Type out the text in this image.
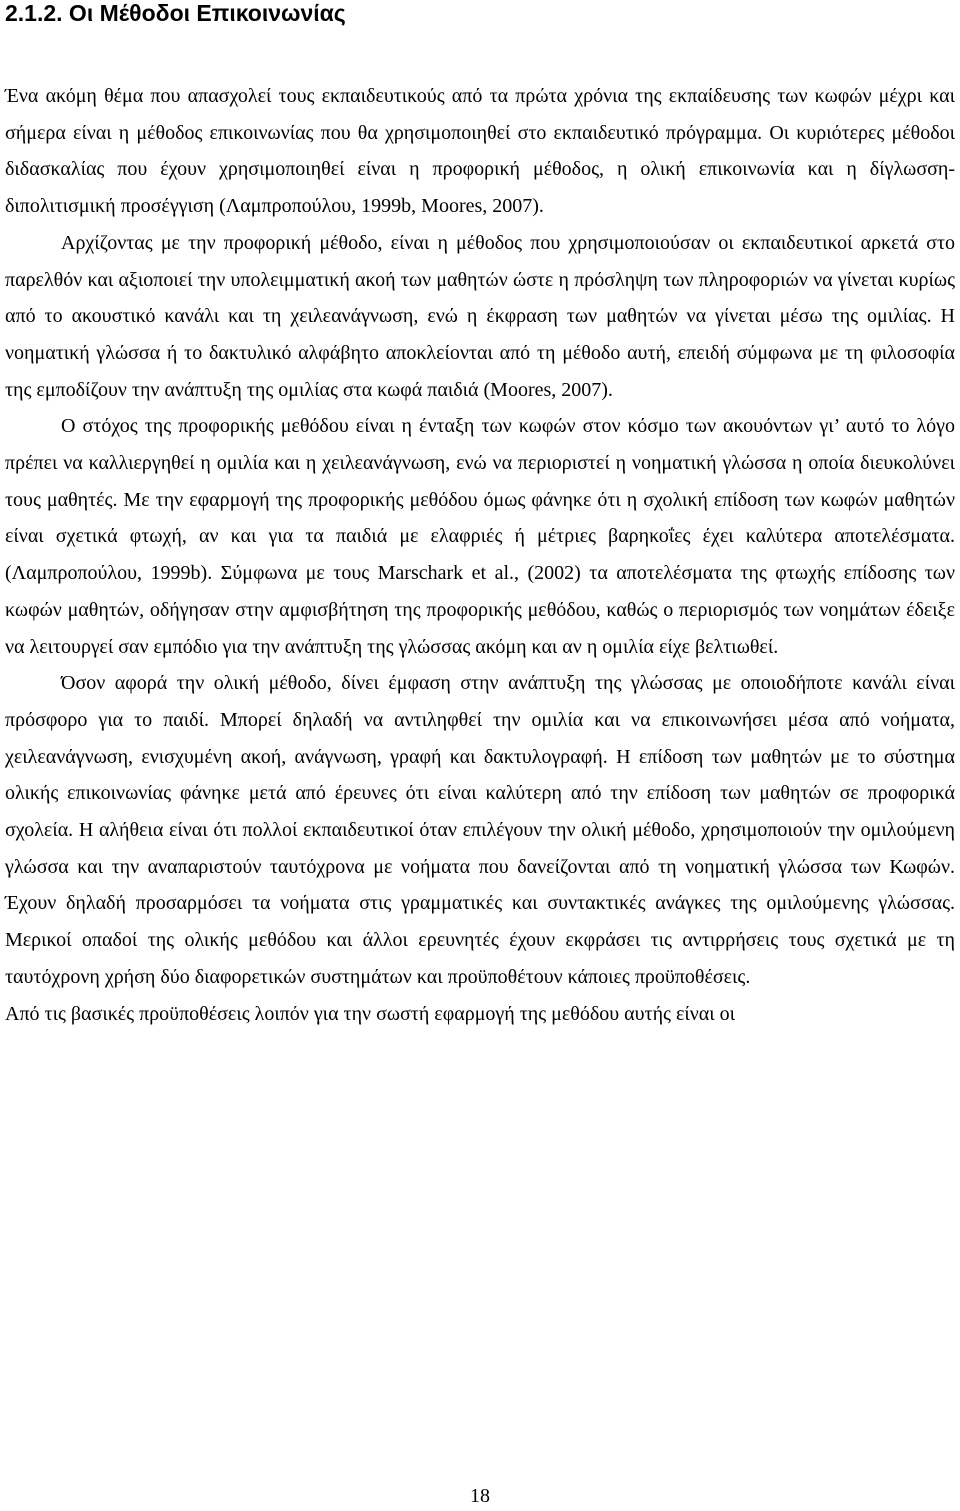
2.1.2. Οι Μέθοδοι Επικοινωνίας

Ένα ακόμη θέμα που απασχολεί τους εκπαιδευτικούς από τα πρώτα χρόνια της εκπαίδευσης των κωφών μέχρι και σήμερα είναι η μέθοδος επικοινωνίας που θα χρησιμοποιηθεί στο εκπαιδευτικό πρόγραμμα. Οι κυριότερες μέθοδοι διδασκαλίας που έχουν χρησιμοποιηθεί είναι η προφορική μέθοδος, η ολική επικοινωνία και η δίγλωσση-διπολιτισμική προσέγγιση (Λαμπροπούλου, 1999b, Moores, 2007).

Αρχίζοντας με την προφορική μέθοδο, είναι η μέθοδος που χρησιμοποιούσαν οι εκπαιδευτικοί αρκετά στο παρελθόν και αξιοποιεί την υπολειμματική ακοή των μαθητών ώστε η πρόσληψη των πληροφοριών να γίνεται κυρίως από το ακουστικό κανάλι και τη χειλεανάγνωση, ενώ η έκφραση των μαθητών να γίνεται μέσω της ομιλίας. Η νοηματική γλώσσα ή το δακτυλικό αλφάβητο αποκλείονται από τη μέθοδο αυτή, επειδή σύμφωνα με τη φιλοσοφία της εμποδίζουν την ανάπτυξη της ομιλίας στα κωφά παιδιά (Moores, 2007).

Ο στόχος της προφορικής μεθόδου είναι η ένταξη των κωφών στον κόσμο των ακουόντων γι’ αυτό το λόγο πρέπει να καλλιεργηθεί η ομιλία και η χειλεανάγνωση, ενώ να περιοριστεί η νοηματική γλώσσα η οποία διευκολύνει τους μαθητές. Με την εφαρμογή της προφορικής μεθόδου όμως φάνηκε ότι η σχολική επίδοση των κωφών μαθητών είναι σχετικά φτωχή, αν και για τα παιδιά με ελαφριές ή μέτριες βαρηκοΐες έχει καλύτερα αποτελέσματα. (Λαμπροπούλου, 1999b). Σύμφωνα με τους Marschark et al., (2002) τα αποτελέσματα της φτωχής επίδοσης των κωφών μαθητών, οδήγησαν στην αμφισβήτηση της προφορικής μεθόδου, καθώς ο περιορισμός των νοημάτων έδειξε να λειτουργεί σαν εμπόδιο για την ανάπτυξη της γλώσσας ακόμη και αν η ομιλία είχε βελτιωθεί.

Όσον αφορά την ολική μέθοδο, δίνει έμφαση στην ανάπτυξη της γλώσσας με οποιοδήποτε κανάλι είναι πρόσφορο για το παιδί. Μπορεί δηλαδή να αντιληφθεί την ομιλία και να επικοινωνήσει μέσα από νοήματα, χειλεανάγνωση, ενισχυμένη ακοή, ανάγνωση, γραφή και δακτυλογραφή. Η επίδοση των μαθητών με το σύστημα ολικής επικοινωνίας φάνηκε μετά από έρευνες ότι είναι καλύτερη από την επίδοση των μαθητών σε προφορικά σχολεία. Η αλήθεια είναι ότι πολλοί εκπαιδευτικοί όταν επιλέγουν την ολική μέθοδο, χρησιμοποιούν την ομιλούμενη γλώσσα και την αναπαριστούν ταυτόχρονα με νοήματα που δανείζονται από τη νοηματική γλώσσα των Κωφών. Έχουν δηλαδή προσαρμόσει τα νοήματα στις γραμματικές και συντακτικές ανάγκες της ομιλούμενης γλώσσας. Μερικοί οπαδοί της ολικής μεθόδου και άλλοι ερευνητές έχουν εκφράσει τις αντιρρήσεις τους σχετικά με τη ταυτόχρονη χρήση δύο διαφορετικών συστημάτων και προϋποθέτουν κάποιες προϋποθέσεις.

Από τις βασικές προϋποθέσεις λοιπόν για την σωστή εφαρμογή της μεθόδου αυτής είναι οι

18
